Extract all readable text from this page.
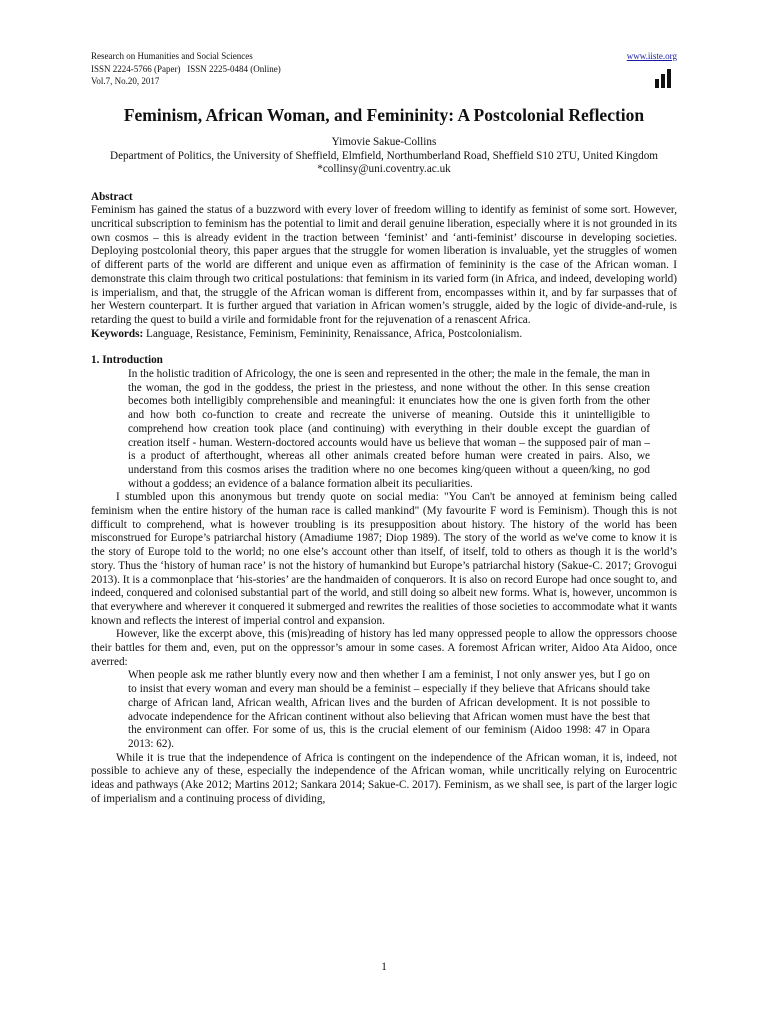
Research on Humanities and Social Sciences
ISSN 2224-5766 (Paper)   ISSN 2225-0484 (Online)
Vol.7, No.20, 2017
www.iiste.org

Feminism, African Woman, and Femininity: A Postcolonial Reflection
Yimovie Sakue-Collins
Department of Politics, the University of Sheffield, Elmfield, Northumberland Road, Sheffield S10 2TU, United Kingdom
*collinsy@uni.coventry.ac.uk
Abstract

Feminism has gained the status of a buzzword with every lover of freedom willing to identify as feminist of some sort. However, uncritical subscription to feminism has the potential to limit and derail genuine liberation, especially where it is not grounded in its own cosmos – this is already evident in the traction between ‘feminist’ and ‘anti-feminist’ discourse in developing societies. Deploying postcolonial theory, this paper argues that the struggle for women liberation is invaluable, yet the struggles of women of different parts of the world are different and unique even as affirmation of femininity is the case of the African woman. I demonstrate this claim through two critical postulations: that feminism in its varied form (in Africa, and indeed, developing world) is imperialism, and that, the struggle of the African woman is different from, encompasses within it, and by far surpasses that of her Western counterpart. It is further argued that variation in African women’s struggle, aided by the logic of divide-and-rule, is retarding the quest to build a virile and formidable front for the rejuvenation of a renascent Africa.

Keywords: Language, Resistance, Feminism, Femininity, Renaissance, Africa, Postcolonialism.

1. Introduction

In the holistic tradition of Africology, the one is seen and represented in the other; the male in the female, the man in the woman, the god in the goddess, the priest in the priestess, and none without the other. In this sense creation becomes both intelligibly comprehensible and meaningful: it enunciates how the one is given forth from the other and how both co-function to create and recreate the universe of meaning. Outside this it unintelligible to comprehend how creation took place (and continuing) with everything in their double except the guardian of creation itself - human. Western-doctored accounts would have us believe that woman – the supposed pair of man – is a product of afterthought, whereas all other animals created before human were created in pairs. Also, we understand from this cosmos arises the tradition where no one becomes king/queen without a queen/king, no god without a goddess; an evidence of a balance formation albeit its peculiarities.

I stumbled upon this anonymous but trendy quote on social media: "You Can't be annoyed at feminism being called feminism when the entire history of the human race is called mankind" (My favourite F word is Feminism). Though this is not difficult to comprehend, what is however troubling is its presupposition about history. The history of the world has been misconstrued for Europe’s patriarchal history (Amadiume 1987; Diop 1989). The story of the world as we've come to know it is the story of Europe told to the world; no one else’s account other than itself, of itself, told to others as though it is the world’s story. Thus the ‘history of human race’ is not the history of humankind but Europe’s patriarchal history (Sakue-C. 2017; Grovogui 2013). It is a commonplace that ‘his-stories’ are the handmaiden of conquerors. It is also on record Europe had once sought to, and indeed, conquered and colonised substantial part of the world, and still doing so albeit new forms. What is, however, uncommon is that everywhere and wherever it conquered it submerged and rewrites the realities of those societies to accommodate what it wants known and reflects the interest of imperial control and expansion.

However, like the excerpt above, this (mis)reading of history has led many oppressed people to allow the oppressors choose their battles for them and, even, put on the oppressor’s amour in some cases. A foremost African writer, Aidoo Ata Aidoo, once averred:

When people ask me rather bluntly every now and then whether I am a feminist, I not only answer yes, but I go on to insist that every woman and every man should be a feminist – especially if they believe that Africans should take charge of African land, African wealth, African lives and the burden of African development. It is not possible to advocate independence for the African continent without also believing that African women must have the best that the environment can offer. For some of us, this is the crucial element of our feminism (Aidoo 1998: 47 in Opara 2013: 62).

While it is true that the independence of Africa is contingent on the independence of the African woman, it is, indeed, not possible to achieve any of these, especially the independence of the African woman, while uncritically relying on Eurocentric ideas and pathways (Ake 2012; Martins 2012; Sankara 2014; Sakue-C. 2017). Feminism, as we shall see, is part of the larger logic of imperialism and a continuing process of dividing,

1
